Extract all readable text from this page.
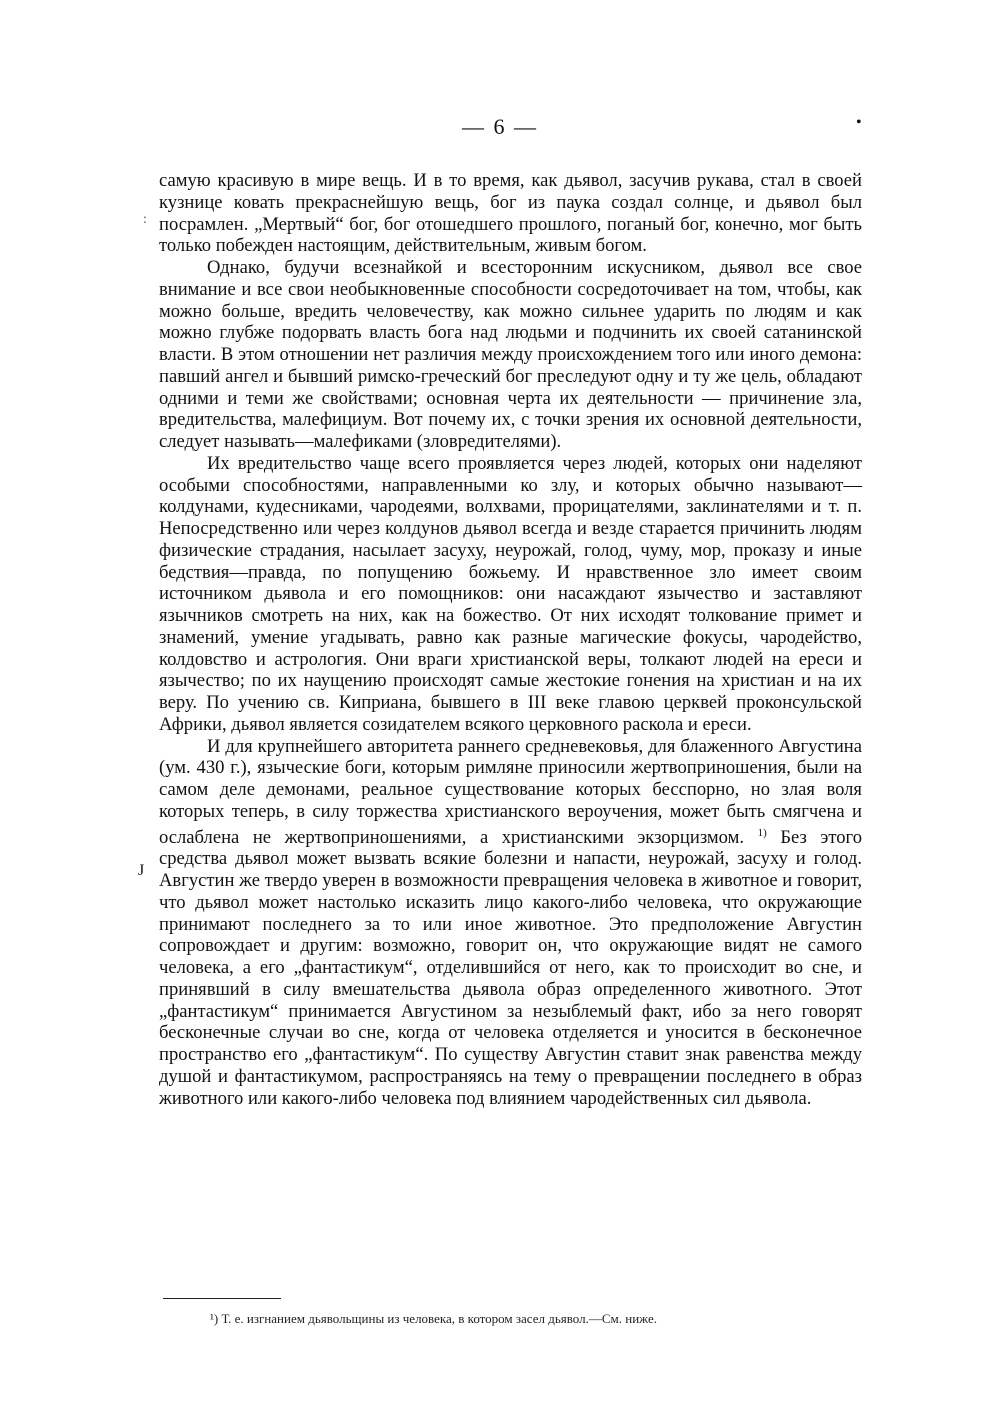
— 6 —	•
:
J

самую красивую в мире вещь. И в то время, как дьявол, засучив рукава, стал в своей кузнице ковать прекраснейшую вещь, бог из паука создал солнце, и дьявол был посрамлен. „Мертвый“ бог, бог отошедшего прошлого, поганый бог, конечно, мог быть только побежден настоящим, действительным, живым богом.

Однако, будучи всезнайкой и всесторонним искусником, дьявол все свое внимание и все свои необыкновенные способности сосредоточивает на том, чтобы, как можно больше, вредить человечеству, как можно сильнее ударить по людям и как можно глубже подорвать власть бога над людьми и подчинить их своей сатанинской власти. В этом отношении нет различия между происхождением того или иного демона: павший ангел и бывший римско-греческий бог преследуют одну и ту же цель, обладают одними и теми же свойствами; основная черта их деятельности — причинение зла, вредительства, малефициум. Вот почему их, с точки зрения их основной деятельности, следует называть—малефиками (зловредителями).

Их вредительство чаще всего проявляется через людей, которых они наделяют особыми способностями, направленными ко злу, и которых обычно называют—колдунами, кудесниками, чародеями, волхвами, прорицателями, заклинателями и т. п. Непосредственно или через колдунов дьявол всегда и везде старается причинить людям физические страдания, насылает засуху, неурожай, голод, чуму, мор, проказу и иные бедствия—правда, по попущению божьему. И нравственное зло имеет своим источником дьявола и его помощников: они насаждают язычество и заставляют язычников смотреть на них, как на божество. От них исходят толкование примет и знамений, умение угадывать, равно как разные магические фокусы, чародейство, колдовство и астрология. Они враги христианской веры, толкают людей на ереси и язычество; по их наущению происходят самые жестокие гонения на христиан и на их веру. По учению св. Киприана, бывшего в III веке главою церквей проконсульской Африки, дьявол является созидателем всякого церковного раскола и ереси.

И для крупнейшего авторитета раннего средневековья, для блаженного Августина (ум. 430 г.), языческие боги, которым римляне приносили жертвоприношения, были на самом деле демонами, реальное существование которых бесспорно, но злая воля которых теперь, в силу торжества христианского вероучения, может быть смягчена и ослаблена не жертвоприношениями, а христианскими экзорцизмом. $^{1)}$ Без этого средства дьявол может вызвать всякие болезни и напасти, неурожай, засуху и голод. Августин же твердо уверен в возможности превращения человека в животное и говорит, что дьявол может настолько исказить лицо какого-либо человека, что окружающие принимают последнего за то или иное животное. Это предположение Августин сопровождает и другим: возможно, говорит он, что окружающие видят не самого человека, а его „фантастикум“, отделившийся от него, как то происходит во сне, и принявший в силу вмешательства дьявола образ определенного животного. Этот „фантастикум“ принимается Августином за незыблемый факт, ибо за него говорят бесконечные случаи во сне, когда от человека отделяется и уносится в бесконечное пространство его „фантастикум“. По существу Августин ставит знак равенства между душой и фантастикумом, распространяясь на тему о превращении последнего в образ животного или какого-либо человека под влиянием чародейственных сил дьявола.

¹) Т. е. изгнанием дьявольщины из человека, в котором засел дьявол.—См. ниже.
